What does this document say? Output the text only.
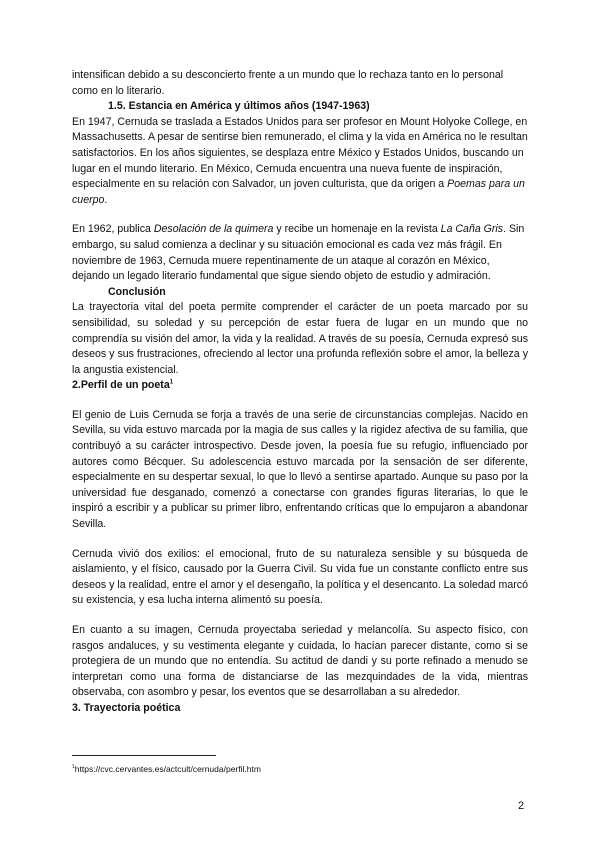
intensifican debido a su desconcierto frente a un mundo que lo rechaza tanto en lo personal como en lo literario.

1.5. Estancia en América y últimos años (1947-1963)

En 1947, Cernuda se traslada a Estados Unidos para ser profesor en Mount Holyoke College, en Massachusetts. A pesar de sentirse bien remunerado, el clima y la vida en América no le resultan satisfactorios. En los años siguientes, se desplaza entre México y Estados Unidos, buscando un lugar en el mundo literario. En México, Cernuda encuentra una nueva fuente de inspiración, especialmente en su relación con Salvador, un joven culturista, que da origen a Poemas para un cuerpo.

En 1962, publica Desolación de la quimera y recibe un homenaje en la revista La Caña Gris. Sin embargo, su salud comienza a declinar y su situación emocional es cada vez más frágil. En noviembre de 1963, Cernuda muere repentinamente de un ataque al corazón en México, dejando un legado literario fundamental que sigue siendo objeto de estudio y admiración.

Conclusión

La trayectoria vital del poeta permite comprender el carácter de un poeta marcado por su sensibilidad, su soledad y su percepción de estar fuera de lugar en un mundo que no comprendía su visión del amor, la vida y la realidad. A través de su poesía, Cernuda expresó sus deseos y sus frustraciones, ofreciendo al lector una profunda reflexión sobre el amor, la belleza y la angustia existencial.

2.Perfil de un poeta$^1$

El genio de Luis Cernuda se forja a través de una serie de circunstancias complejas. Nacido en Sevilla, su vida estuvo marcada por la magia de sus calles y la rigidez afectiva de su familia, que contribuyó a su carácter introspectivo. Desde joven, la poesía fue su refugio, influenciado por autores como Bécquer. Su adolescencia estuvo marcada por la sensación de ser diferente, especialmente en su despertar sexual, lo que lo llevó a sentirse apartado. Aunque su paso por la universidad fue desganado, comenzó a conectarse con grandes figuras literarias, lo que le inspiró a escribir y a publicar su primer libro, enfrentando críticas que lo empujaron a abandonar Sevilla.

Cernuda vivió dos exilios: el emocional, fruto de su naturaleza sensible y su búsqueda de aislamiento, y el físico, causado por la Guerra Civil. Su vida fue un constante conflicto entre sus deseos y la realidad, entre el amor y el desengaño, la política y el desencanto. La soledad marcó su existencia, y esa lucha interna alimentó su poesía.

En cuanto a su imagen, Cernuda proyectaba seriedad y melancolía. Su aspecto físico, con rasgos andaluces, y su vestimenta elegante y cuidada, lo hacían parecer distante, como si se protegiera de un mundo que no entendía. Su actitud de dandi y su porte refinado a menudo se interpretan como una forma de distanciarse de las mezquindades de la vida, mientras observaba, con asombro y pesar, los eventos que se desarrollaban a su alrededor.

3. Trayectoria poética

$^1$https://cvc.cervantes.es/actcult/cernuda/perfil.htm
2
